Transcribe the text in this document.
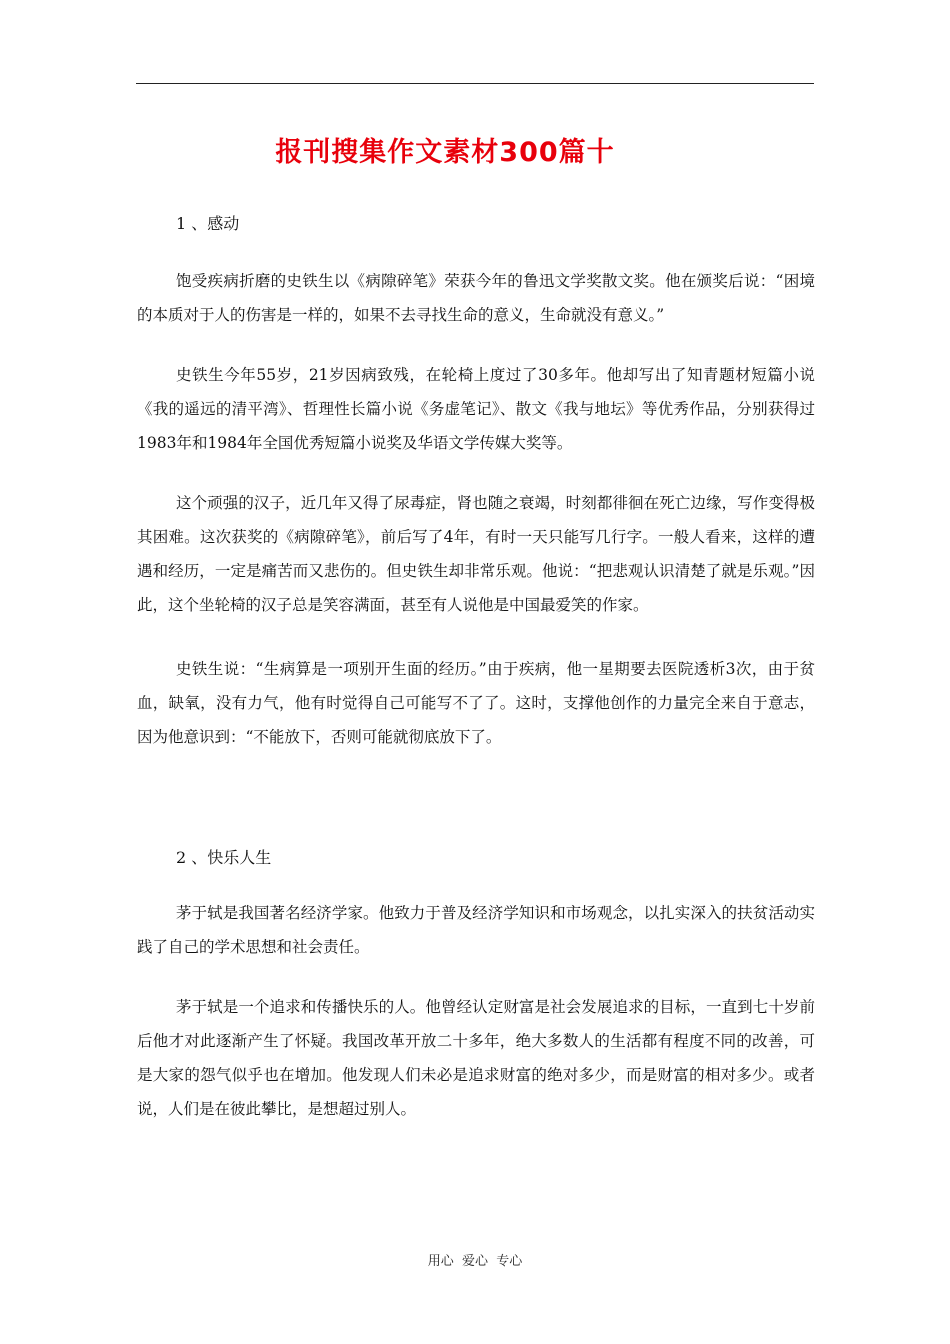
报刊搜集作文素材300篇十
1 、感动

饱受疾病折磨的史铁生以《病隙碎笔》荣获今年的鲁迅文学奖散文奖。他在颁奖后说：“困境的本质对于人的伤害是一样的，如果不去寻找生命的意义，生命就没有意义。”

史铁生今年55岁，21岁因病致残，在轮椅上度过了30多年。他却写出了知青题材短篇小说《我的遥远的清平湾》、哲理性长篇小说《务虚笔记》、散文《我与地坛》等优秀作品，分别获得过1983年和1984年全国优秀短篇小说奖及华语文学传媒大奖等。

这个顽强的汉子，近几年又得了尿毒症，肾也随之衰竭，时刻都徘徊在死亡边缘，写作变得极其困难。这次获奖的《病隙碎笔》，前后写了4年，有时一天只能写几行字。一般人看来，这样的遭遇和经历，一定是痛苦而又悲伤的。但史铁生却非常乐观。他说：“把悲观认识清楚了就是乐观。”因此，这个坐轮椅的汉子总是笑容满面，甚至有人说他是中国最爱笑的作家。

史铁生说：“生病算是一项别开生面的经历。”由于疾病，他一星期要去医院透析3次，由于贫血，缺氧，没有力气，他有时觉得自己可能写不了了。这时，支撑他创作的力量完全来自于意志，因为他意识到：“不能放下，否则可能就彻底放下了。

2 、快乐人生

茅于轼是我国著名经济学家。他致力于普及经济学知识和市场观念，以扎实深入的扶贫活动实践了自己的学术思想和社会责任。

茅于轼是一个追求和传播快乐的人。他曾经认定财富是社会发展追求的目标，一直到七十岁前后他才对此逐渐产生了怀疑。我国改革开放二十多年，绝大多数人的生活都有程度不同的改善，可是大家的怨气似乎也在增加。他发现人们未必是追求财富的绝对多少，而是财富的相对多少。或者说，人们是在彼此攀比，是想超过别人。

用心  爱心  专心
